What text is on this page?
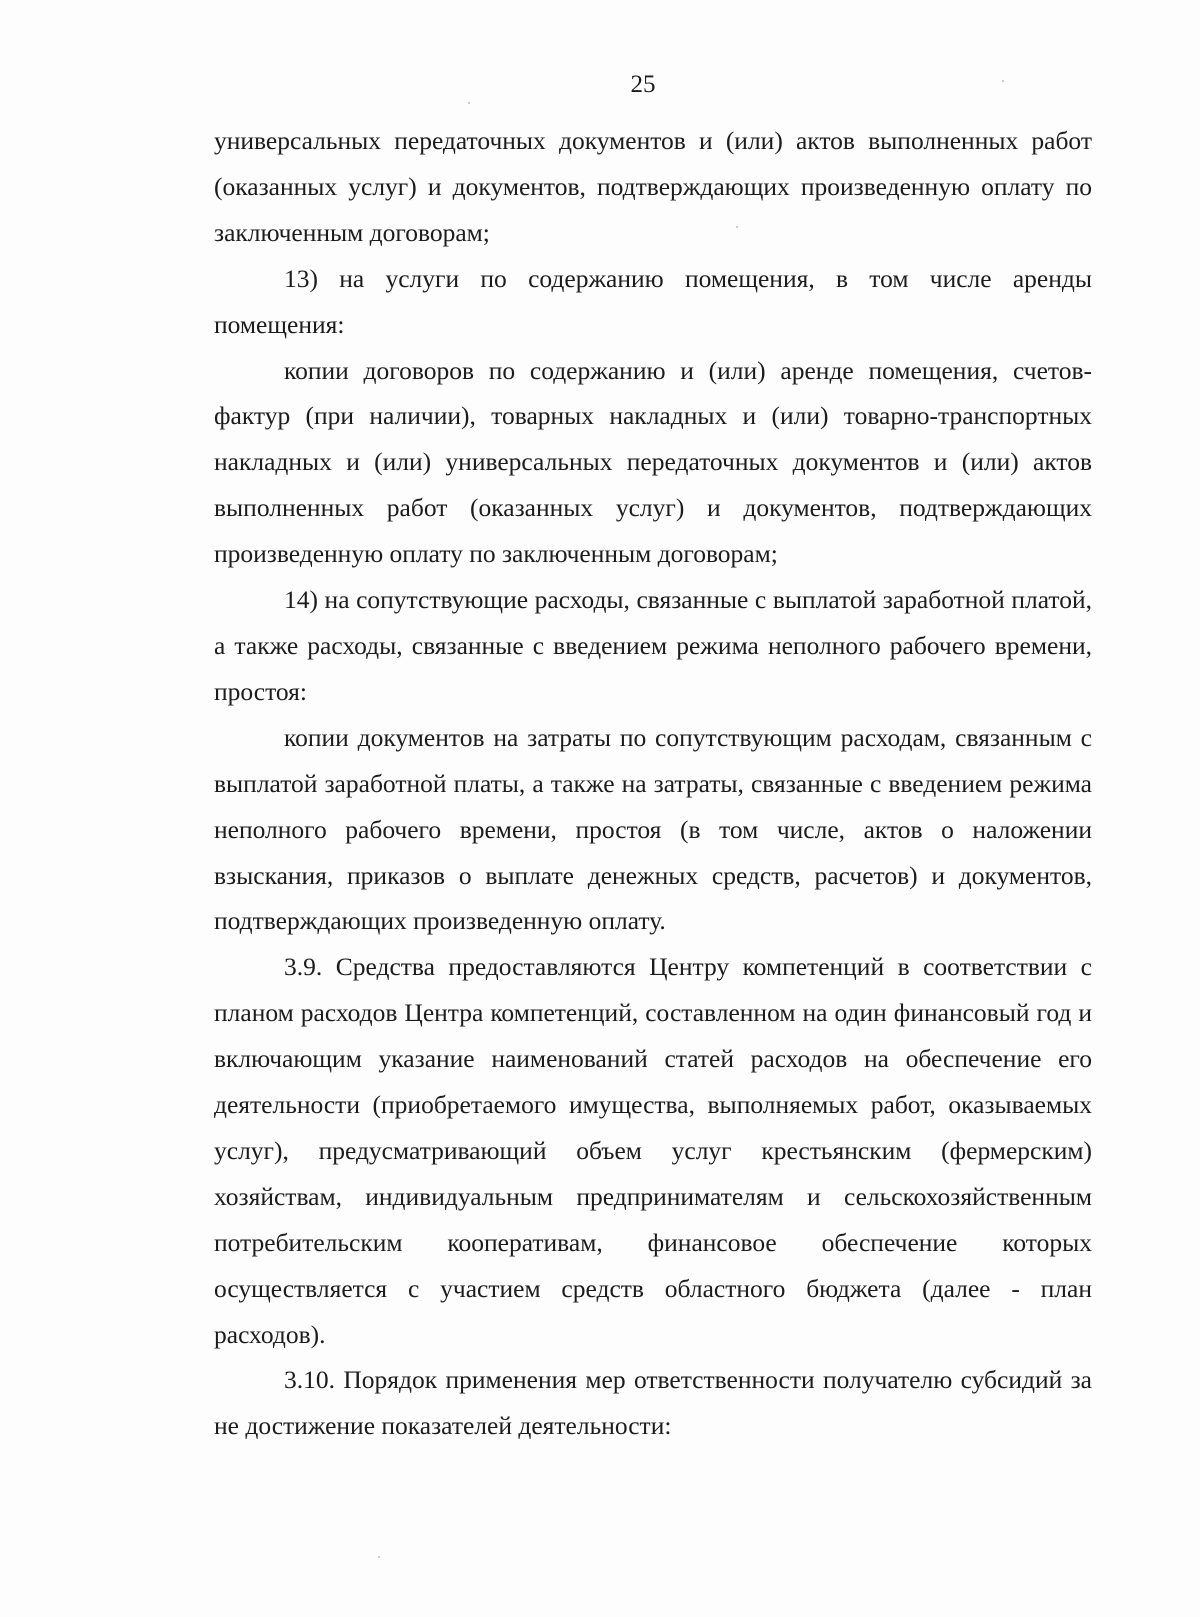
25

универсальных передаточных документов и (или) актов выполненных работ (оказанных услуг) и документов, подтверждающих произведенную оплату по заключенным договорам;

13) на услуги по содержанию помещения, в том числе аренды помещения:

копии договоров по содержанию и (или) аренде помещения, счетов-фактур (при наличии), товарных накладных и (или) товарно-транспортных накладных и (или) универсальных передаточных документов и (или) актов выполненных работ (оказанных услуг) и документов, подтверждающих произведенную оплату по заключенным договорам;

14) на сопутствующие расходы, связанные с выплатой заработной платой, а также расходы, связанные с введением режима неполного рабочего времени, простоя:

копии документов на затраты по сопутствующим расходам, связанным с выплатой заработной платы, а также на затраты, связанные с введением режима неполного рабочего времени, простоя (в том числе, актов о наложении взыскания, приказов о выплате денежных средств, расчетов) и документов, подтверждающих произведенную оплату.

3.9. Средства предоставляются Центру компетенций в соответствии с планом расходов Центра компетенций, составленном на один финансовый год и включающим указание наименований статей расходов на обеспечение его деятельности (приобретаемого имущества, выполняемых работ, оказываемых услуг), предусматривающий объем услуг крестьянским (фермерским) хозяйствам, индивидуальным предпринимателям и сельскохозяйственным потребительским кооперативам, финансовое обеспечение которых осуществляется с участием средств областного бюджета (далее - план расходов).

3.10. Порядок применения мер ответственности получателю субсидий за не достижение показателей деятельности:
